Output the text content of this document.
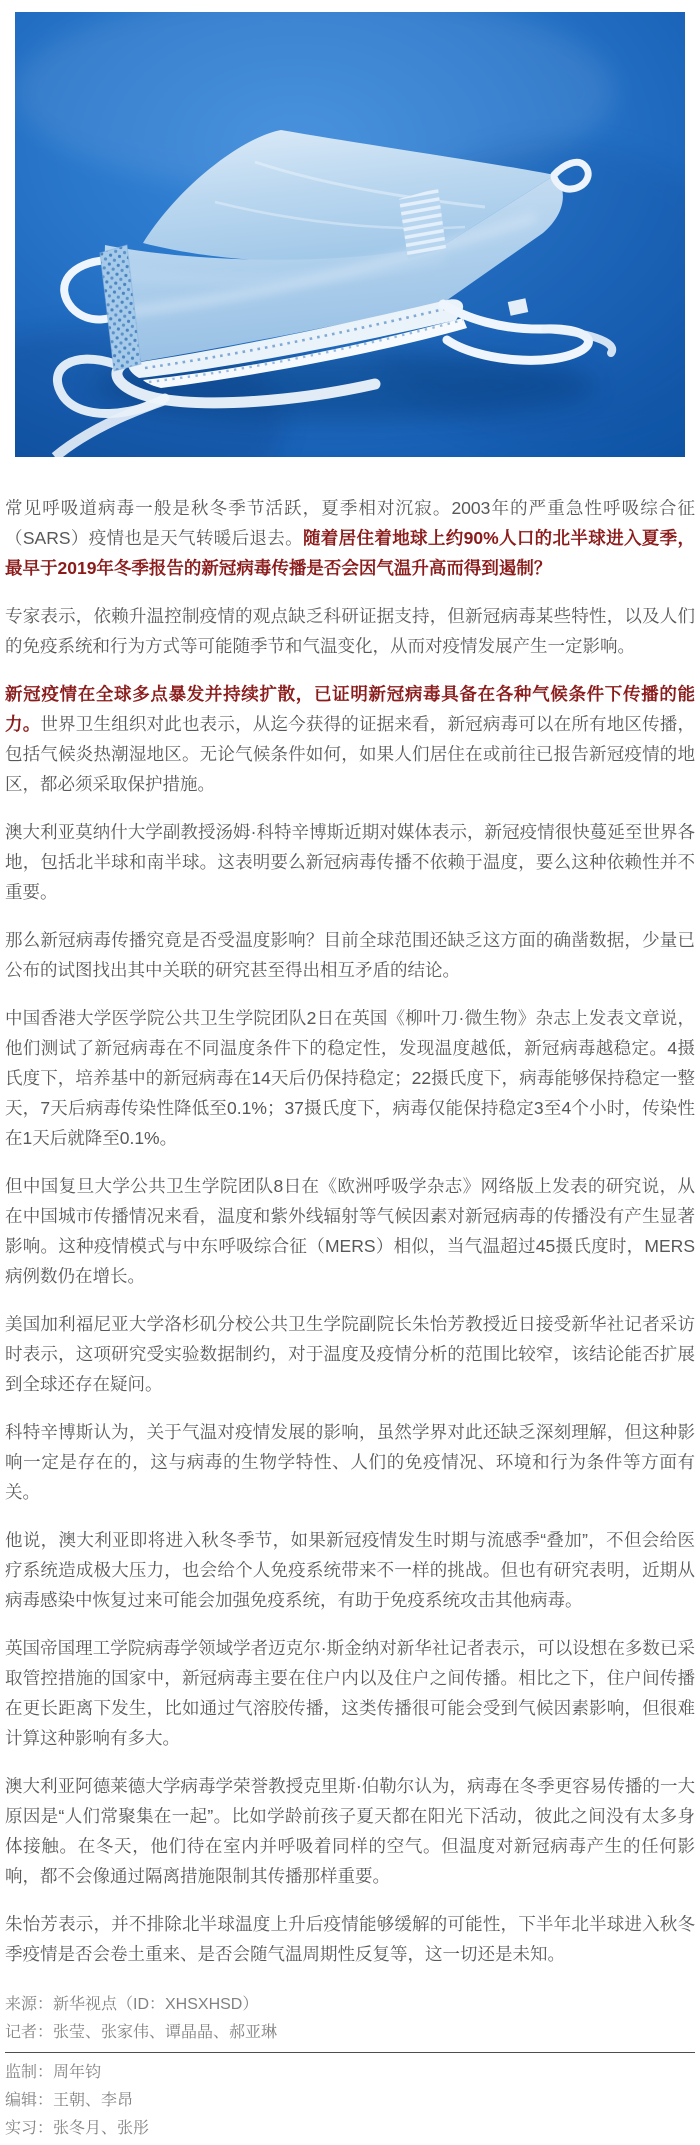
常见呼吸道病毒一般是秋冬季节活跃，夏季相对沉寂。2003年的严重急性呼吸综合征（SARS）疫情也是天气转暖后退去。随着居住着地球上约90%人口的北半球进入夏季，最早于2019年冬季报告的新冠病毒传播是否会因气温升高而得到遏制？

专家表示，依赖升温控制疫情的观点缺乏科研证据支持，但新冠病毒某些特性，以及人们的免疫系统和行为方式等可能随季节和气温变化，从而对疫情发展产生一定影响。

新冠疫情在全球多点暴发并持续扩散，已证明新冠病毒具备在各种气候条件下传播的能力。世界卫生组织对此也表示，从迄今获得的证据来看，新冠病毒可以在所有地区传播，包括气候炎热潮湿地区。无论气候条件如何，如果人们居住在或前往已报告新冠疫情的地区，都必须采取保护措施。

澳大利亚莫纳什大学副教授汤姆·科特辛博斯近期对媒体表示，新冠疫情很快蔓延至世界各地，包括北半球和南半球。这表明要么新冠病毒传播不依赖于温度，要么这种依赖性并不重要。

那么新冠病毒传播究竟是否受温度影响？目前全球范围还缺乏这方面的确凿数据，少量已公布的试图找出其中关联的研究甚至得出相互矛盾的结论。

中国香港大学医学院公共卫生学院团队2日在英国《柳叶刀·微生物》杂志上发表文章说，他们测试了新冠病毒在不同温度条件下的稳定性，发现温度越低，新冠病毒越稳定。4摄氏度下，培养基中的新冠病毒在14天后仍保持稳定；22摄氏度下，病毒能够保持稳定一整天，7天后病毒传染性降低至0.1%；37摄氏度下，病毒仅能保持稳定3至4个小时，传染性在1天后就降至0.1%。

但中国复旦大学公共卫生学院团队8日在《欧洲呼吸学杂志》网络版上发表的研究说，从在中国城市传播情况来看，温度和紫外线辐射等气候因素对新冠病毒的传播没有产生显著影响。这种疫情模式与中东呼吸综合征（MERS）相似，当气温超过45摄氏度时，MERS病例数仍在增长。

美国加利福尼亚大学洛杉矶分校公共卫生学院副院长朱怡芳教授近日接受新华社记者采访时表示，这项研究受实验数据制约，对于温度及疫情分析的范围比较窄，该结论能否扩展到全球还存在疑问。

科特辛博斯认为，关于气温对疫情发展的影响，虽然学界对此还缺乏深刻理解，但这种影响一定是存在的，这与病毒的生物学特性、人们的免疫情况、环境和行为条件等方面有关。

他说，澳大利亚即将进入秋冬季节，如果新冠疫情发生时期与流感季“叠加”，不但会给医疗系统造成极大压力，也会给个人免疫系统带来不一样的挑战。但也有研究表明，近期从病毒感染中恢复过来可能会加强免疫系统，有助于免疫系统攻击其他病毒。

英国帝国理工学院病毒学领域学者迈克尔·斯金纳对新华社记者表示，可以设想在多数已采取管控措施的国家中，新冠病毒主要在住户内以及住户之间传播。相比之下，住户间传播在更长距离下发生，比如通过气溶胶传播，这类传播很可能会受到气候因素影响，但很难计算这种影响有多大。

澳大利亚阿德莱德大学病毒学荣誉教授克里斯·伯勒尔认为，病毒在冬季更容易传播的一大原因是“人们常聚集在一起”。比如学龄前孩子夏天都在阳光下活动，彼此之间没有太多身体接触。在冬天，他们待在室内并呼吸着同样的空气。但温度对新冠病毒产生的任何影响，都不会像通过隔离措施限制其传播那样重要。

朱怡芳表示，并不排除北半球温度上升后疫情能够缓解的可能性，下半年北半球进入秋冬季疫情是否会卷土重来、是否会随气温周期性反复等，这一切还是未知。

来源：新华视点（ID：XHSXHSD）

记者：张莹、张家伟、谭晶晶、郝亚琳

监制：周年钧

编辑：王朝、李昂

实习：张冬月、张彤
